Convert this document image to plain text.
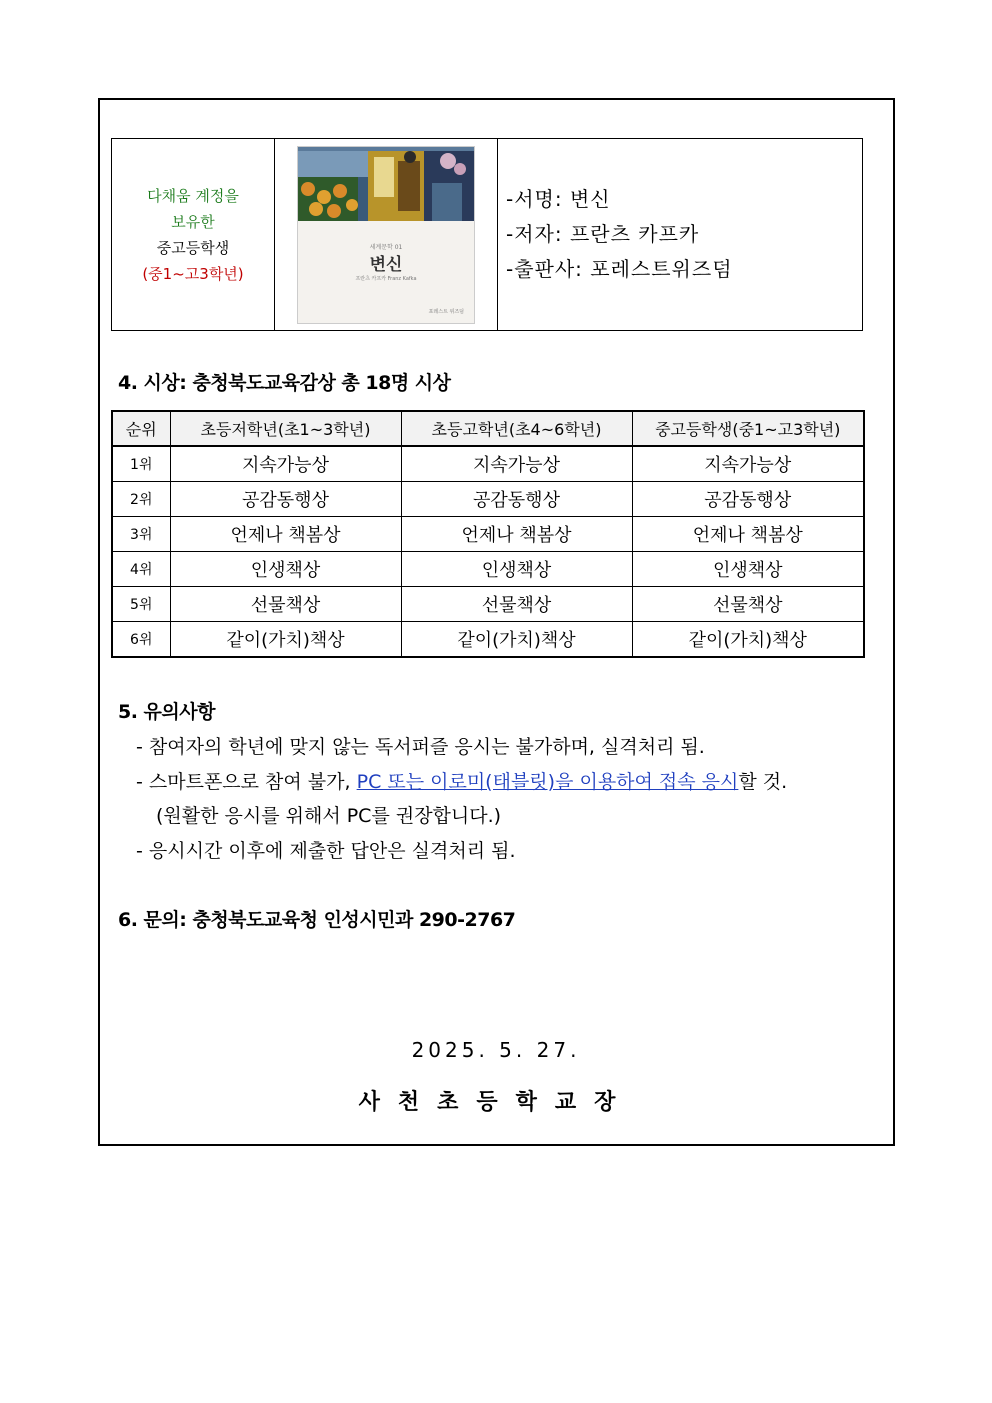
다채움 계정을
보유한
중고등학생
(중1~고3학년)
세계문학 01
변신
프란츠 카프카 Franz Kafka
포레스트 위즈덤
-서명: 변신
-저자: 프란츠 카프카
-출판사: 포레스트위즈덤
4. 시상: 충청북도교육감상 총 18명 시상
순위	초등저학년(초1~3학년)	초등고학년(초4~6학년)	중고등학생(중1~고3학년)
1위	지속가능상	지속가능상	지속가능상
2위	공감동행상	공감동행상	공감동행상
3위	언제나 책봄상	언제나 책봄상	언제나 책봄상
4위	인생책상	인생책상	인생책상
5위	선물책상	선물책상	선물책상
6위	같이(가치)책상	같이(가치)책상	같이(가치)책상
5. 유의사항
- 참여자의 학년에 맞지 않는 독서퍼즐 응시는 불가하며, 실격처리 됨.
- 스마트폰으로 참여 불가, PC 또는 이로미(태블릿)을 이용하여 접속 응시할 것.
(원활한 응시를 위해서 PC를 권장합니다.)
- 응시시간 이후에 제출한 답안은 실격처리 됨.
6. 문의: 충청북도교육청 인성시민과 290-2767
2025. 5. 27.
사천초등학교장
